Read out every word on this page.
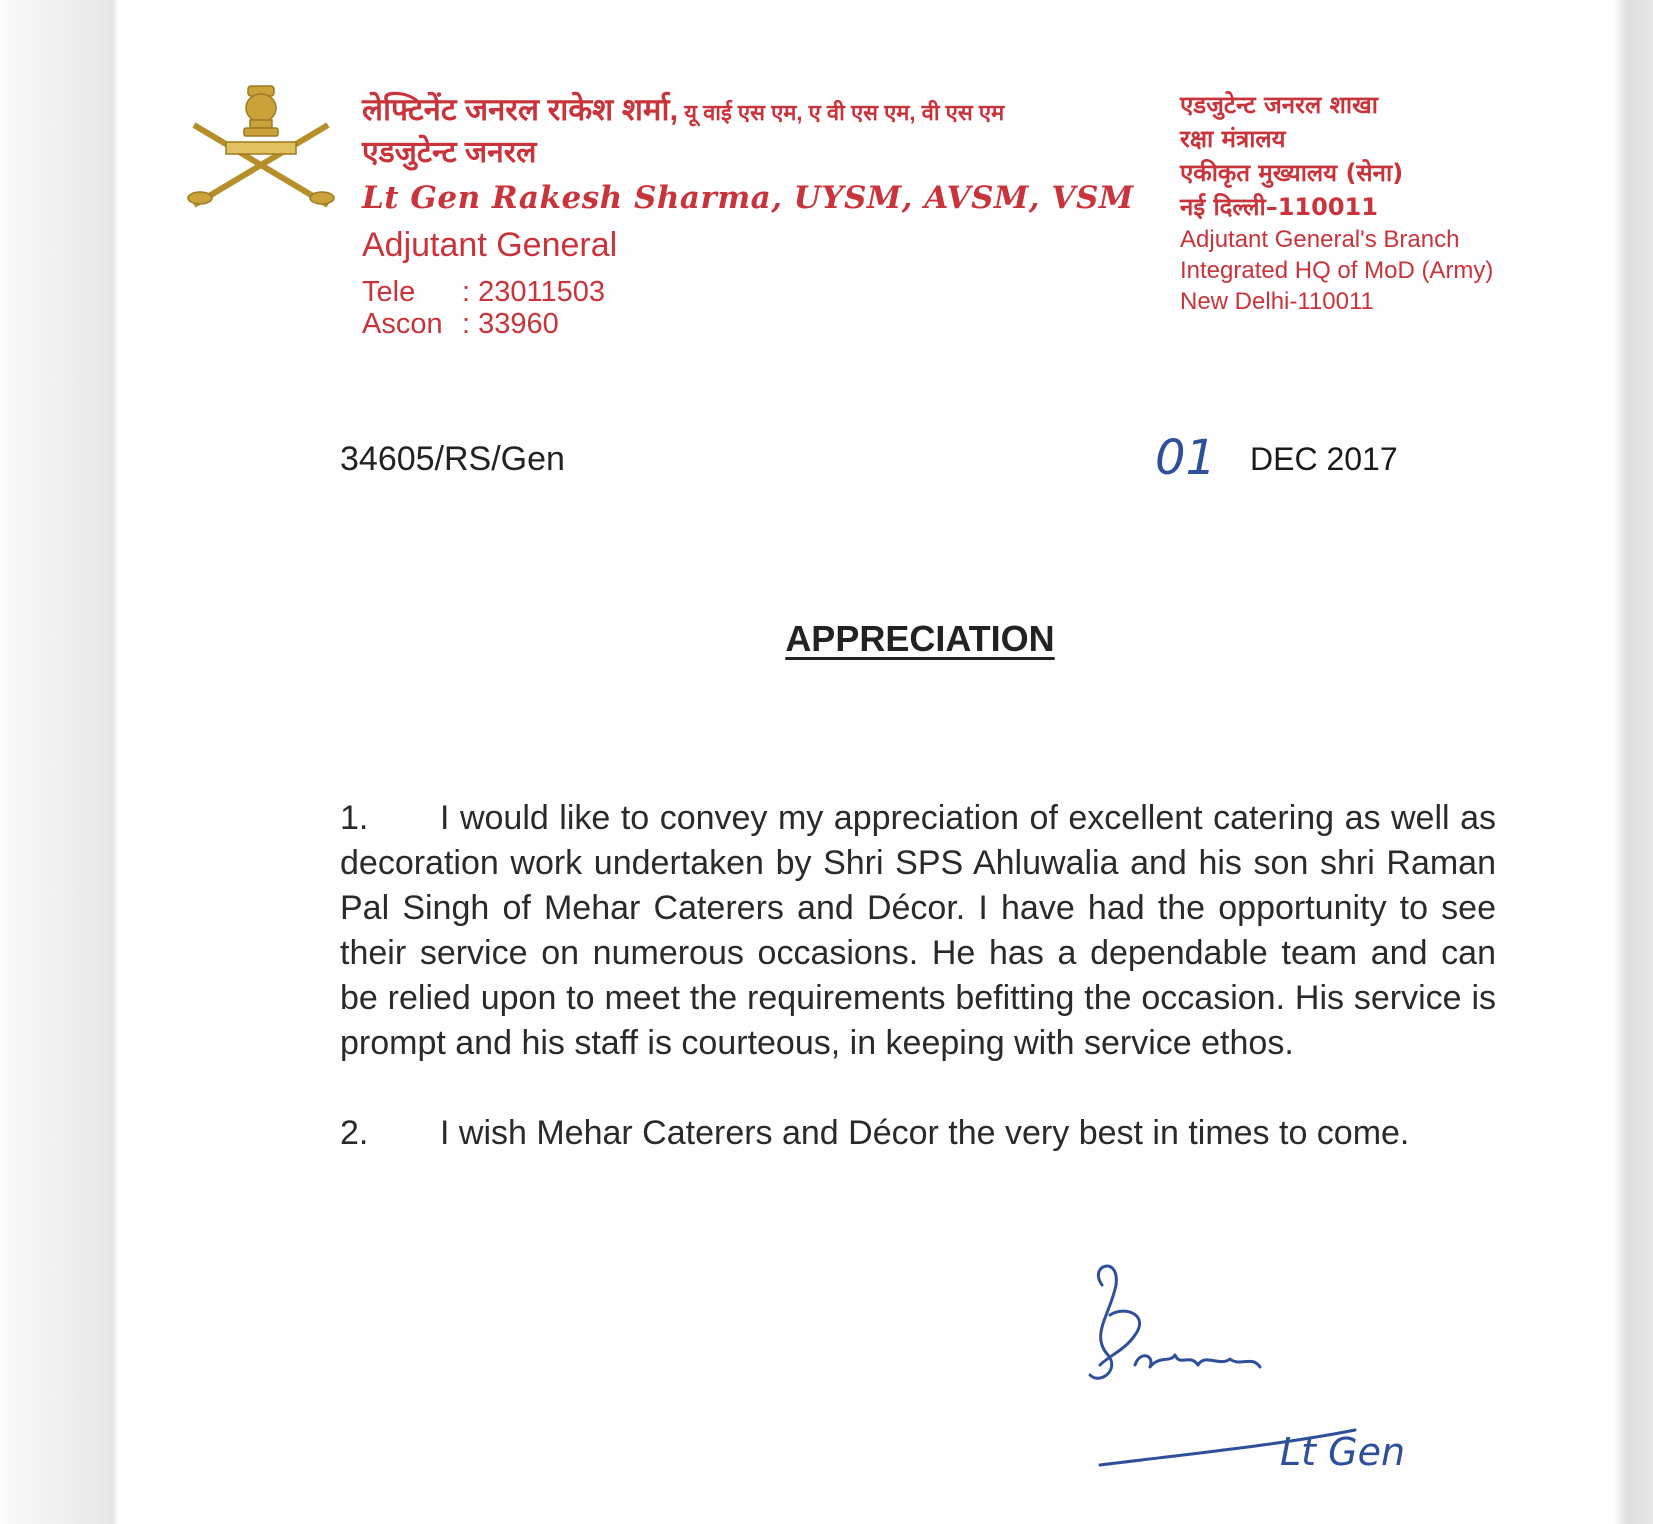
लेफ्टिनेंट जनरल राकेश शर्मा, यू वाई एस एम, ए वी एस एम, वी एस एम
एडजुटेन्ट जनरल
Lt Gen Rakesh Sharma, UYSM, AVSM, VSM
Adjutant General
Tele	: 23011503
Ascon : 33960
एडजुटेन्ट जनरल शाखा
रक्षा मंत्रालय
एकीकृत मुख्यालय (सेना)
नई दिल्ली–110011
Adjutant General's Branch
Integrated HQ of MoD (Army)
New Delhi-110011
34605/RS/Gen	01 DEC 2017
APPRECIATION

1. I would like to convey my appreciation of excellent catering as well as decoration work undertaken by Shri SPS Ahluwalia and his son shri Raman Pal Singh of Mehar Caterers and Décor. I have had the opportunity to see their service on numerous occasions. He has a dependable team and can be relied upon to meet the requirements befitting the occasion. His service is prompt and his staff is courteous, in keeping with service ethos.

2. I wish Mehar Caterers and Décor the very best in times to come.

Lt Gen
